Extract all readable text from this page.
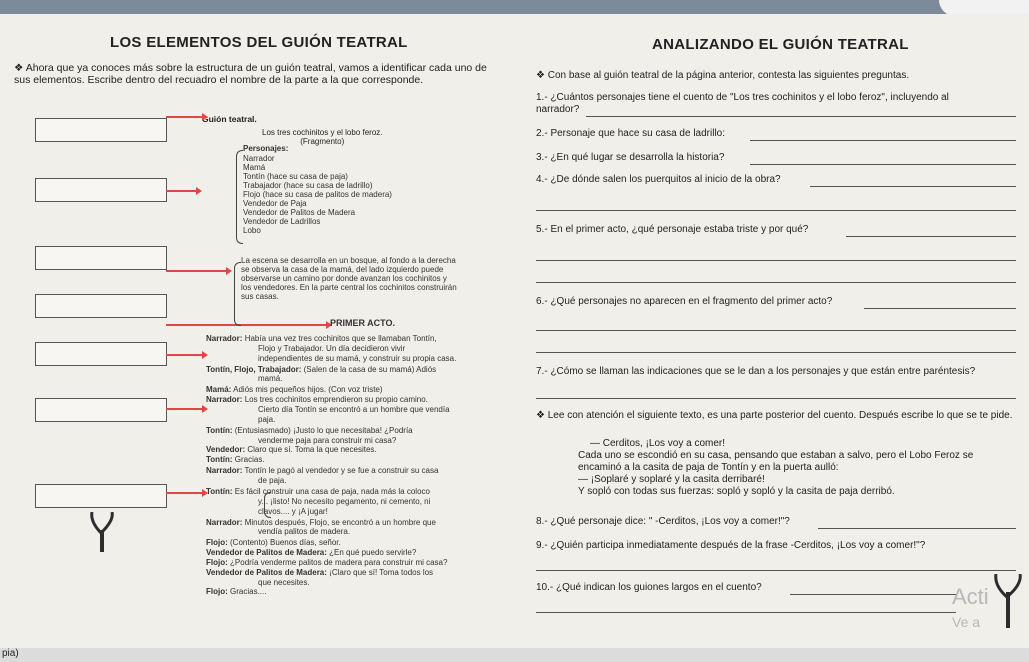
LOS ELEMENTOS DEL GUIÓN TEATRAL
❖ Ahora que ya conoces más sobre la estructura de un guión teatral, vamos a identificar cada uno de sus elementos. Escribe dentro del recuadro el nombre de la parte a la que corresponde.
Guión teatral.
Los tres cochinitos y el lobo feroz.
(Fragmento)
Personajes:
Narrador
Mamá
Tontín (hace su casa de paja)
Trabajador (hace su casa de ladrillo)
Flojo (hace su casa de palitos de madera)
Vendedor de Paja
Vendedor de Palitos de Madera
Vendedor de Ladrillos
Lobo
La escena se desarrolla en un bosque, al fondo a la derecha
se observa la casa de la mamá, del lado izquierdo puede
observarse un camino por donde avanzan los cochinitos y
los vendedores. En la parte central los cochinitos construirán
sus casas.
PRIMER ACTO.
Narrador: Había una vez tres cochinitos que se llamaban Tontín,
Flojo y Trabajador. Un día decidieron vivir
independientes de su mamá, y construir su propia casa.
Tontín, Flojo, Trabajador: (Salen de la casa de su mamá) Adiós
mamá.
Mamá: Adiós mis pequeños hijos. (Con voz triste)
Narrador: Los tres cochinitos emprendieron su propio camino.
Cierto día Tontín se encontró a un hombre que vendía
paja.
Tontín: (Entusiasmado) ¡Justo lo que necesitaba! ¿Podría
venderme paja para construir mi casa?
Vendedor: Claro que sí. Toma la que necesites.
Tontín: Gracias.
Narrador: Tontín le pagó al vendedor y se fue a construir su casa
de paja.
Tontín: Es fácil construir una casa de paja, nada más la coloco
y... ¡listo! No necesito pegamento, ni cemento, ni
clavos.... y ¡A jugar!
Narrador: Minutos después, Flojo, se encontró a un hombre que
vendía palitos de madera.
Flojo: (Contento) Buenos días, señor.
Vendedor de Palitos de Madera: ¿En qué puedo servirle?
Flojo: ¿Podría venderme palitos de madera para construir mi casa?
Vendedor de Palitos de Madera: ¡Claro que sí! Toma todos los
que necesites.
Flojo: Gracias....
ANALIZANDO EL GUIÓN TEATRAL
❖ Con base al guión teatral de la página anterior, contesta las siguientes preguntas.
1.- ¿Cuántos personajes tiene el cuento de "Los tres cochinitos y el lobo feroz", incluyendo al
narrador?
2.- Personaje que hace su casa de ladrillo:
3.- ¿En qué lugar se desarrolla la historia?
4.- ¿De dónde salen los puerquitos al inicio de la obra?
5.- En el primer acto, ¿qué personaje estaba triste y por qué?
6.- ¿Qué personajes no aparecen en el fragmento del primer acto?
7.- ¿Cómo se llaman las indicaciones que se le dan a los personajes y que están entre paréntesis?
❖ Lee con atención el siguiente texto, es una parte posterior del cuento. Después escribe lo que se te pide.
— Cerditos, ¡Los voy a comer!
Cada uno se escondió en su casa, pensando que estaban a salvo, pero el Lobo Feroz se
encaminó a la casita de paja de Tontín y en la puerta aulló:
— ¡Soplaré y soplaré y la casita derribaré!
Y sopló con todas sus fuerzas: sopló y sopló y la casita de paja derribó.
8.- ¿Qué personaje dice: " -Cerditos, ¡Los voy a comer!"?
9.- ¿Quién participa inmediatamente después de la frase -Cerditos, ¡Los voy a comer!"?
10.- ¿Qué indican los guiones largos en el cuento?	Acti
Ve a
pia)
